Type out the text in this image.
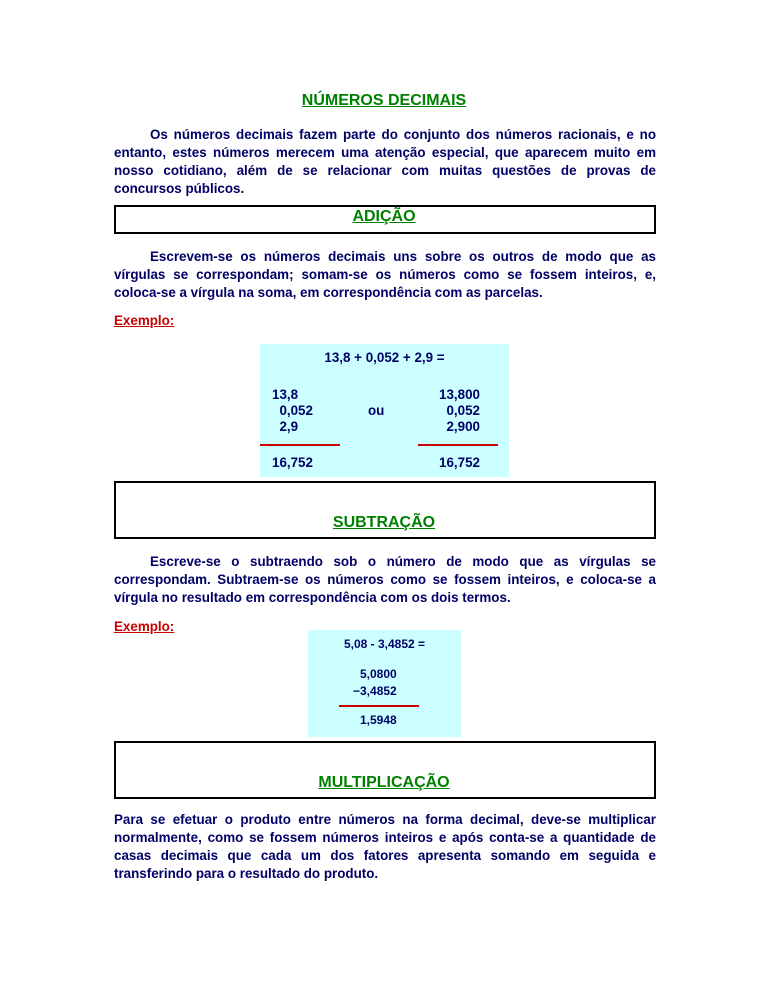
NÚMEROS DECIMAIS
Os números decimais fazem parte do conjunto dos números racionais, e no entanto, estes números merecem uma atenção especial, que aparecem muito em nosso cotidiano, além de se relacionar com muitas questões de provas de concursos públicos.
ADIÇÃO
Escrevem-se os números decimais uns sobre os outros de modo que as vírgulas se correspondam; somam-se os números como se fossem inteiros, e, coloca-se a vírgula na soma, em correspondência com as parcelas.
Exemplo:
13,8 + 0,052 + 2,9 =
13,8
0,052
2,9
ou
13,800
0,052
2,900
16,752	16,752
SUBTRAÇÃO
Escreve-se o subtraendo sob o número de modo que as vírgulas se correspondam. Subtraem-se os números como se fossem inteiros, e coloca-se a vírgula no resultado em correspondência com os dois termos.
Exemplo:
5,08 - 3,4852 =
5,0800
−3,4852
1,5948
MULTIPLICAÇÃO
Para se efetuar o produto entre números na forma decimal, deve-se multiplicar normalmente, como se fossem números inteiros e após conta-se a quantidade de casas decimais que cada um dos fatores apresenta somando em seguida e transferindo para o resultado do produto.
